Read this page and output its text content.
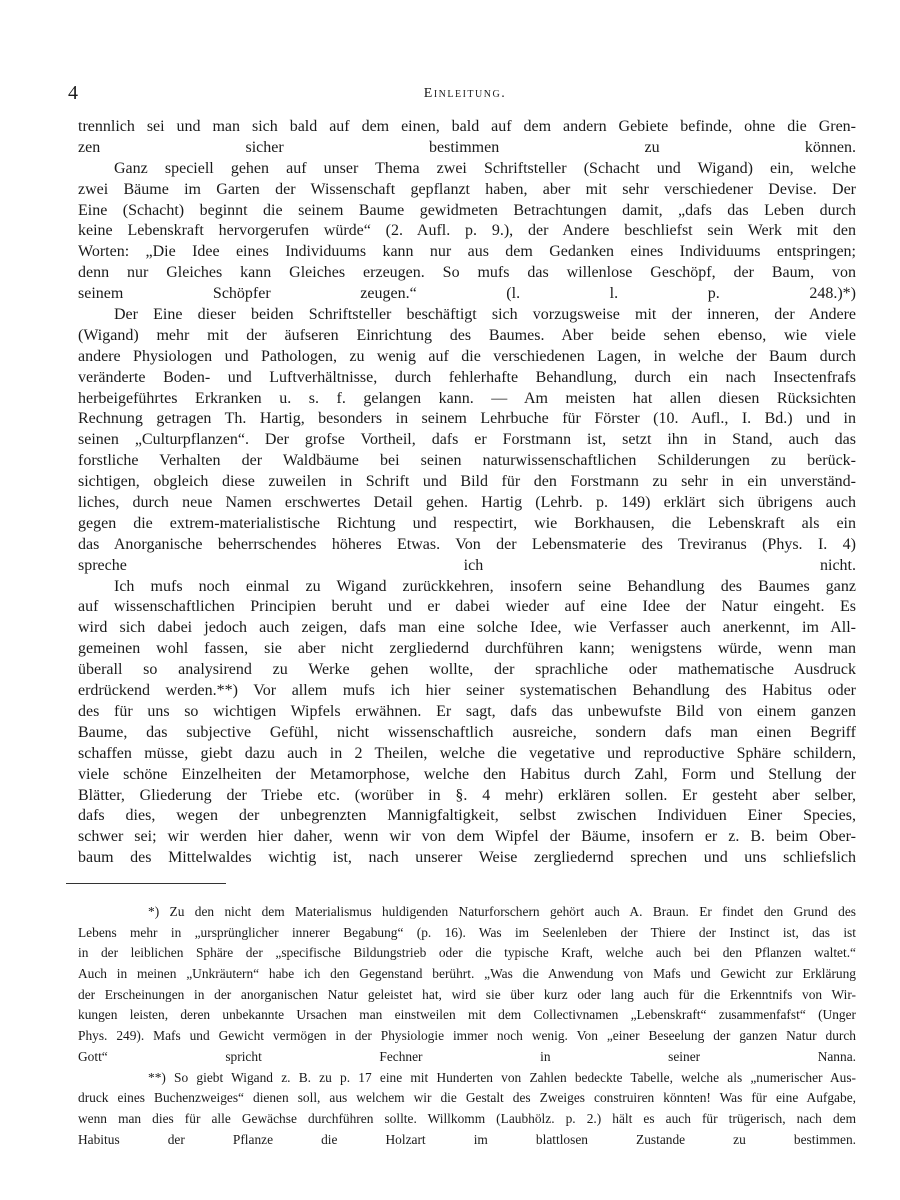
4	Einleitung.
trennlich sei und man sich bald auf dem einen, bald auf dem andern Gebiete befinde, ohne die Gren-
zen sicher bestimmen zu können.
Ganz speciell gehen auf unser Thema zwei Schriftsteller (Schacht und Wigand) ein, welche
zwei Bäume im Garten der Wissenschaft gepflanzt haben, aber mit sehr verschiedener Devise. Der
Eine (Schacht) beginnt die seinem Baume gewidmeten Betrachtungen damit, „dafs das Leben durch
keine Lebenskraft hervorgerufen würde“ (2. Aufl. p. 9.), der Andere beschliefst sein Werk mit den
Worten: „Die Idee eines Individuums kann nur aus dem Gedanken eines Individuums entspringen;
denn nur Gleiches kann Gleiches erzeugen. So mufs das willenlose Geschöpf, der Baum, von
seinem Schöpfer zeugen.“ (l. l. p. 248.)*)
Der Eine dieser beiden Schriftsteller beschäftigt sich vorzugsweise mit der inneren, der Andere
(Wigand) mehr mit der äufseren Einrichtung des Baumes. Aber beide sehen ebenso, wie viele
andere Physiologen und Pathologen, zu wenig auf die verschiedenen Lagen, in welche der Baum durch
veränderte Boden- und Luftverhältnisse, durch fehlerhafte Behandlung, durch ein nach Insectenfrafs
herbeigeführtes Erkranken u. s. f. gelangen kann. — Am meisten hat allen diesen Rücksichten
Rechnung getragen Th. Hartig, besonders in seinem Lehrbuche für Förster (10. Aufl., I. Bd.) und in
seinen „Culturpflanzen“. Der grofse Vortheil, dafs er Forstmann ist, setzt ihn in Stand, auch das
forstliche Verhalten der Waldbäume bei seinen naturwissenschaftlichen Schilderungen zu berück-
sichtigen, obgleich diese zuweilen in Schrift und Bild für den Forstmann zu sehr in ein unverständ-
liches, durch neue Namen erschwertes Detail gehen. Hartig (Lehrb. p. 149) erklärt sich übrigens auch
gegen die extrem-materialistische Richtung und respectirt, wie Borkhausen, die Lebenskraft als ein
das Anorganische beherrschendes höheres Etwas. Von der Lebensmaterie des Treviranus (Phys. I. 4)
spreche ich nicht.
Ich mufs noch einmal zu Wigand zurückkehren, insofern seine Behandlung des Baumes ganz
auf wissenschaftlichen Principien beruht und er dabei wieder auf eine Idee der Natur eingeht. Es
wird sich dabei jedoch auch zeigen, dafs man eine solche Idee, wie Verfasser auch anerkennt, im All-
gemeinen wohl fassen, sie aber nicht zergliedernd durchführen kann; wenigstens würde, wenn man
überall so analysirend zu Werke gehen wollte, der sprachliche oder mathematische Ausdruck
erdrückend werden.**) Vor allem mufs ich hier seiner systematischen Behandlung des Habitus oder
des für uns so wichtigen Wipfels erwähnen. Er sagt, dafs das unbewufste Bild von einem ganzen
Baume, das subjective Gefühl, nicht wissenschaftlich ausreiche, sondern dafs man einen Begriff
schaffen müsse, giebt dazu auch in 2 Theilen, welche die vegetative und reproductive Sphäre schildern,
viele schöne Einzelheiten der Metamorphose, welche den Habitus durch Zahl, Form und Stellung der
Blätter, Gliederung der Triebe etc. (worüber in §. 4 mehr) erklären sollen. Er gesteht aber selber,
dafs dies, wegen der unbegrenzten Mannigfaltigkeit, selbst zwischen Individuen Einer Species,
schwer sei; wir werden hier daher, wenn wir von dem Wipfel der Bäume, insofern er z. B. beim Ober-
baum des Mittelwaldes wichtig ist, nach unserer Weise zergliedernd sprechen und uns schliefslich
*) Zu den nicht dem Materialismus huldigenden Naturforschern gehört auch A. Braun. Er findet den Grund des
Lebens mehr in „ursprünglicher innerer Begabung“ (p. 16). Was im Seelenleben der Thiere der Instinct ist, das ist
in der leiblichen Sphäre der „specifische Bildungstrieb oder die typische Kraft, welche auch bei den Pflanzen waltet.“
Auch in meinen „Unkräutern“ habe ich den Gegenstand berührt. „Was die Anwendung von Mafs und Gewicht zur Erklärung
der Erscheinungen in der anorganischen Natur geleistet hat, wird sie über kurz oder lang auch für die Erkenntnifs von Wir-
kungen leisten, deren unbekannte Ursachen man einstweilen mit dem Collectivnamen „Lebenskraft“ zusammenfafst“ (Unger
Phys. 249). Mafs und Gewicht vermögen in der Physiologie immer noch wenig. Von „einer Beseelung der ganzen Natur durch
Gott“ spricht Fechner in seiner Nanna.
**) So giebt Wigand z. B. zu p. 17 eine mit Hunderten von Zahlen bedeckte Tabelle, welche als „numerischer Aus-
druck eines Buchenzweiges“ dienen soll, aus welchem wir die Gestalt des Zweiges construiren könnten! Was für eine Aufgabe,
wenn man dies für alle Gewächse durchführen sollte. Willkomm (Laubhölz. p. 2.) hält es auch für trügerisch, nach dem
Habitus der Pflanze die Holzart im blattlosen Zustande zu bestimmen.
